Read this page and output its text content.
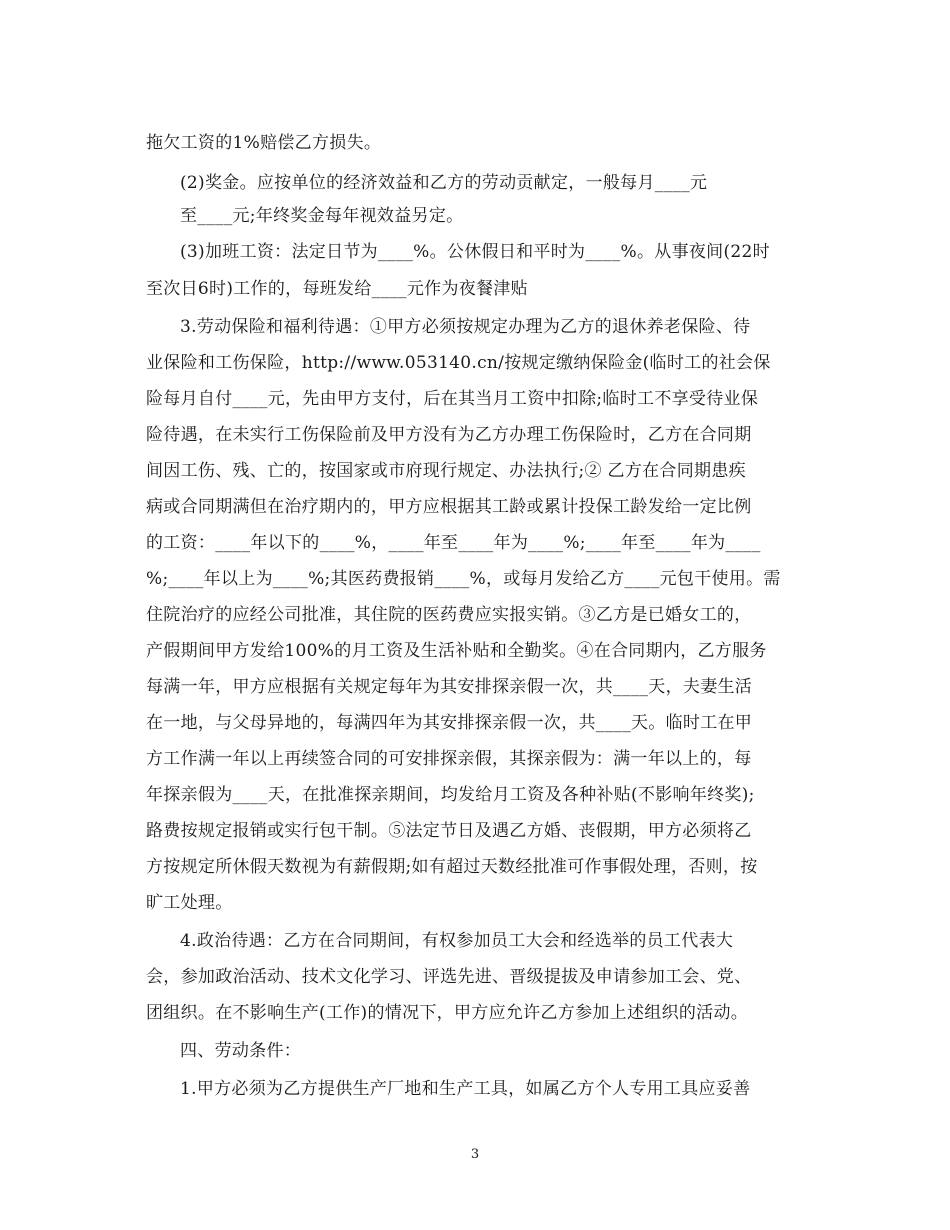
拖欠工资的1%赔偿乙方损失。
(2)奖金。应按单位的经济效益和乙方的劳动贡献定，一般每月____元
至____元;年终奖金每年视效益另定。
(3)加班工资：法定日节为____%。公休假日和平时为____%。从事夜间(22时
至次日6时)工作的，每班发给____元作为夜餐津贴
3.劳动保险和福利待遇：①甲方必须按规定办理为乙方的退休养老保险、待
业保险和工伤保险，http://www.053140.cn/按规定缴纳保险金(临时工的社会保
险每月自付____元，先由甲方支付，后在其当月工资中扣除;临时工不享受待业保
险待遇，在未实行工伤保险前及甲方没有为乙方办理工伤保险时，乙方在合同期
间因工伤、残、亡的，按国家或市府现行规定、办法执行;② 乙方在合同期患疾
病或合同期满但在治疗期内的，甲方应根据其工龄或累计投保工龄发给一定比例
的工资：____年以下的____%，____年至____年为____%;____年至____年为____
%;____年以上为____%;其医药费报销____%，或每月发给乙方____元包干使用。需
住院治疗的应经公司批准，其住院的医药费应实报实销。③乙方是已婚女工的，
产假期间甲方发给100%的月工资及生活补贴和全勤奖。④在合同期内，乙方服务
每满一年，甲方应根据有关规定每年为其安排探亲假一次，共____天，夫妻生活
在一地，与父母异地的，每满四年为其安排探亲假一次，共____天。临时工在甲
方工作满一年以上再续签合同的可安排探亲假，其探亲假为：满一年以上的，每
年探亲假为____天，在批准探亲期间，均发给月工资及各种补贴(不影响年终奖);
路费按规定报销或实行包干制。⑤法定节日及遇乙方婚、丧假期，甲方必须将乙
方按规定所休假天数视为有薪假期;如有超过天数经批准可作事假处理，否则，按
旷工处理。
4.政治待遇：乙方在合同期间，有权参加员工大会和经选举的员工代表大
会，参加政治活动、技术文化学习、评选先进、晋级提拔及申请参加工会、党、
团组织。在不影响生产(工作)的情况下，甲方应允许乙方参加上述组织的活动。
四、劳动条件：
1.甲方必须为乙方提供生产厂地和生产工具，如属乙方个人专用工具应妥善
3
